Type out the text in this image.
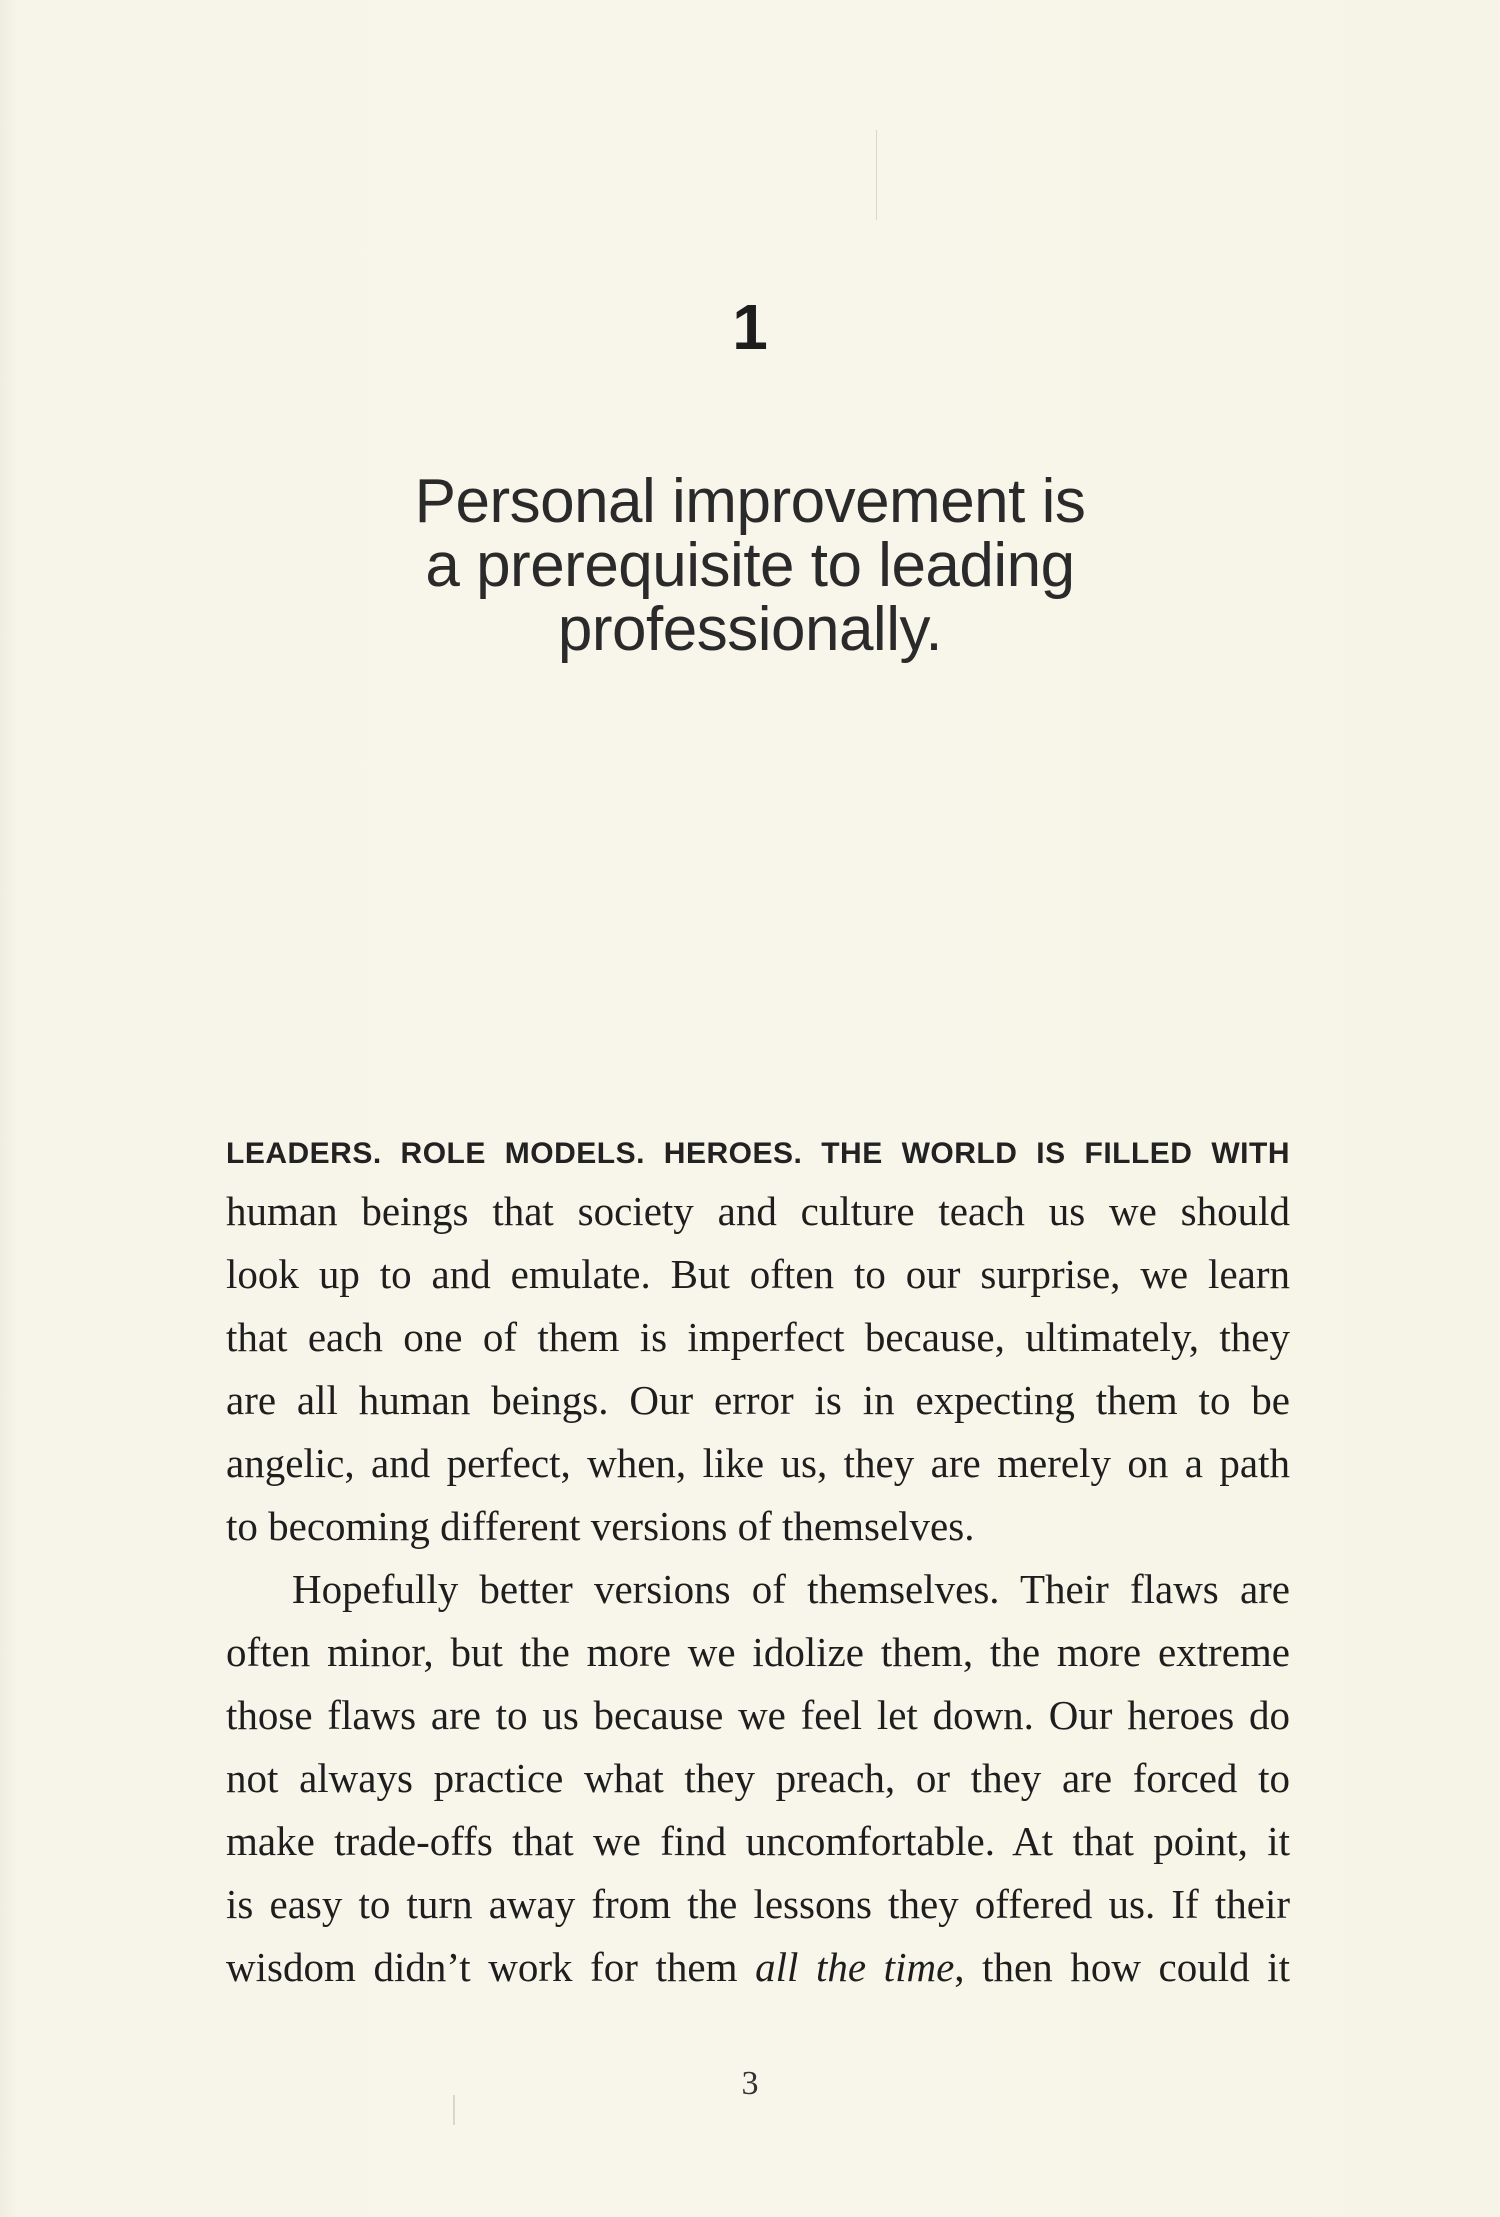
1
Personal improvement is
a prerequisite to leading
professionally.
LEADERS. ROLE MODELS. HEROES. THE WORLD IS FILLED WITH
human beings that society and culture teach us we should
look up to and emulate. But often to our surprise, we learn
that each one of them is imperfect because, ultimately, they
are all human beings. Our error is in expecting them to be
angelic, and perfect, when, like us, they are merely on a path
to becoming different versions of themselves.
Hopefully better versions of themselves. Their flaws are
often minor, but the more we idolize them, the more extreme
those flaws are to us because we feel let down. Our heroes do
not always practice what they preach, or they are forced to
make trade-offs that we find uncomfortable. At that point, it
is easy to turn away from the lessons they offered us. If their
wisdom didn’t work for them all the time, then how could it
3
